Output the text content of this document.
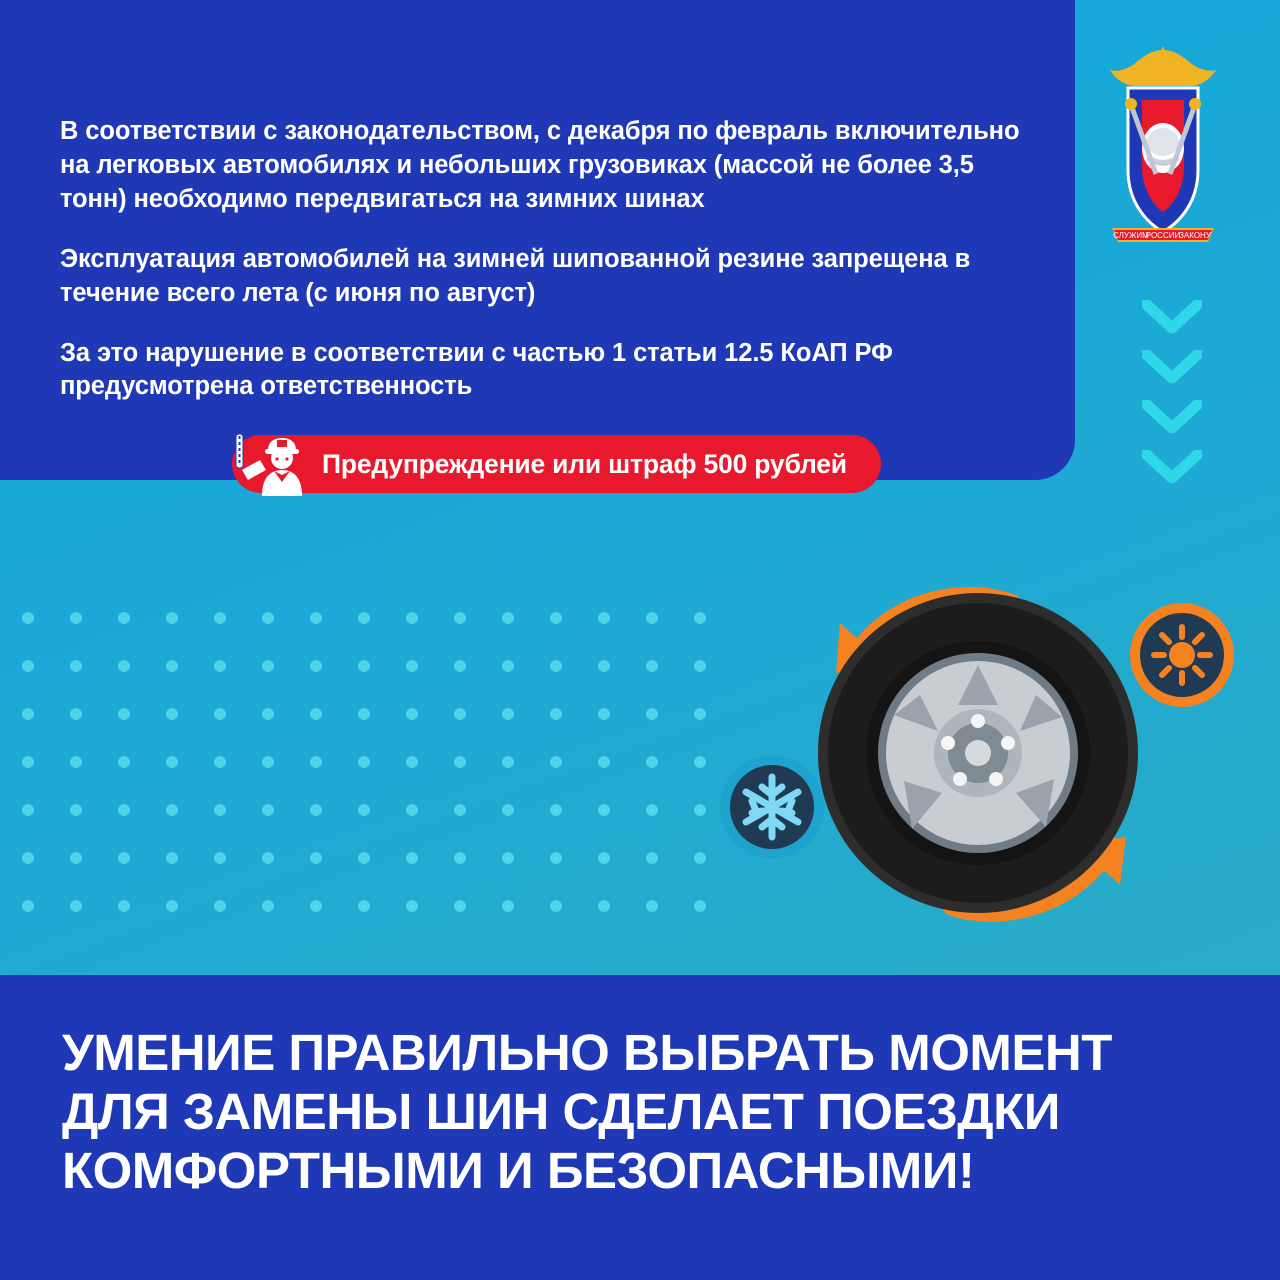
В соответствии с законодательством, с декабря по февраль включительно на легковых автомобилях и небольших грузовиках (массой не более 3,5 тонн) необходимо передвигаться на зимних шинах

Эксплуатация автомобилей на зимней шипованной резине запрещена в течение всего лета (с июня по август)

За это нарушение в соответствии с частью 1 статьи 12.5 КоАП РФ предусмотрена ответственность

Предупреждение или штраф 500 рублей
СЛУЖИМ
РОССИИ
ЗАКОНУ
УМЕНИЕ ПРАВИЛЬНО ВЫБРАТЬ МОМЕНТ
ДЛЯ ЗАМЕНЫ ШИН СДЕЛАЕТ ПОЕЗДКИ
КОМФОРТНЫМИ И БЕЗОПАСНЫМИ!
